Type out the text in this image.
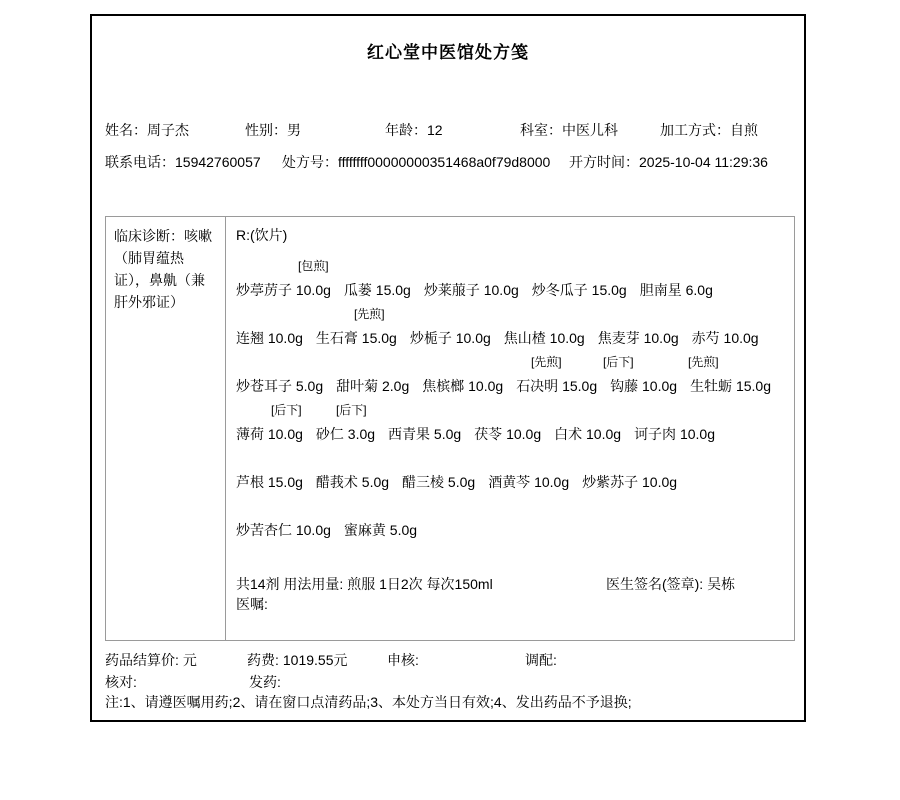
红心堂中医馆处方笺
姓名：周子杰	性别：男	年龄：12	科室：中医儿科	加工方式：自煎
联系电话：15942760057 处方号：ffffffff00000000351468a0f79d8000 开方时间：2025-10-04 11:29:36
临床诊断：咳嗽（肺胃蕴热证），鼻鼽（兼肝外邪证）
R:(饮片)
[包煎]
炒葶苈子 10.0g 瓜蒌 15.0g 炒莱菔子 10.0g 炒冬瓜子 15.0g 胆南星 6.0g
[先煎]
连翘 10.0g 生石膏 15.0g 炒栀子 10.0g 焦山楂 10.0g 焦麦芽 10.0g 赤芍 10.0g
[先煎]	[后下]	[先煎]
炒苍耳子 5.0g 甜叶菊 2.0g 焦槟榔 10.0g 石决明 15.0g 钩藤 10.0g 生牡蛎 15.0g
[后下]	[后下]
薄荷 10.0g 砂仁 3.0g 西青果 5.0g 茯苓 10.0g 白术 10.0g 诃子肉 10.0g
芦根 15.0g 醋莪术 5.0g 醋三棱 5.0g 酒黄芩 10.0g 炒紫苏子 10.0g
炒苦杏仁 10.0g 蜜麻黄 5.0g
共14剂 用法用量: 煎服 1日2次 每次150ml	医生签名(签章): 吴栋
医嘱:
药品结算价: 元	药费: 1019.55元	申核:	调配:
核对:	发药:
注:1、请遵医嘱用药;2、请在窗口点清药品;3、本处方当日有效;4、发出药品不予退换;
